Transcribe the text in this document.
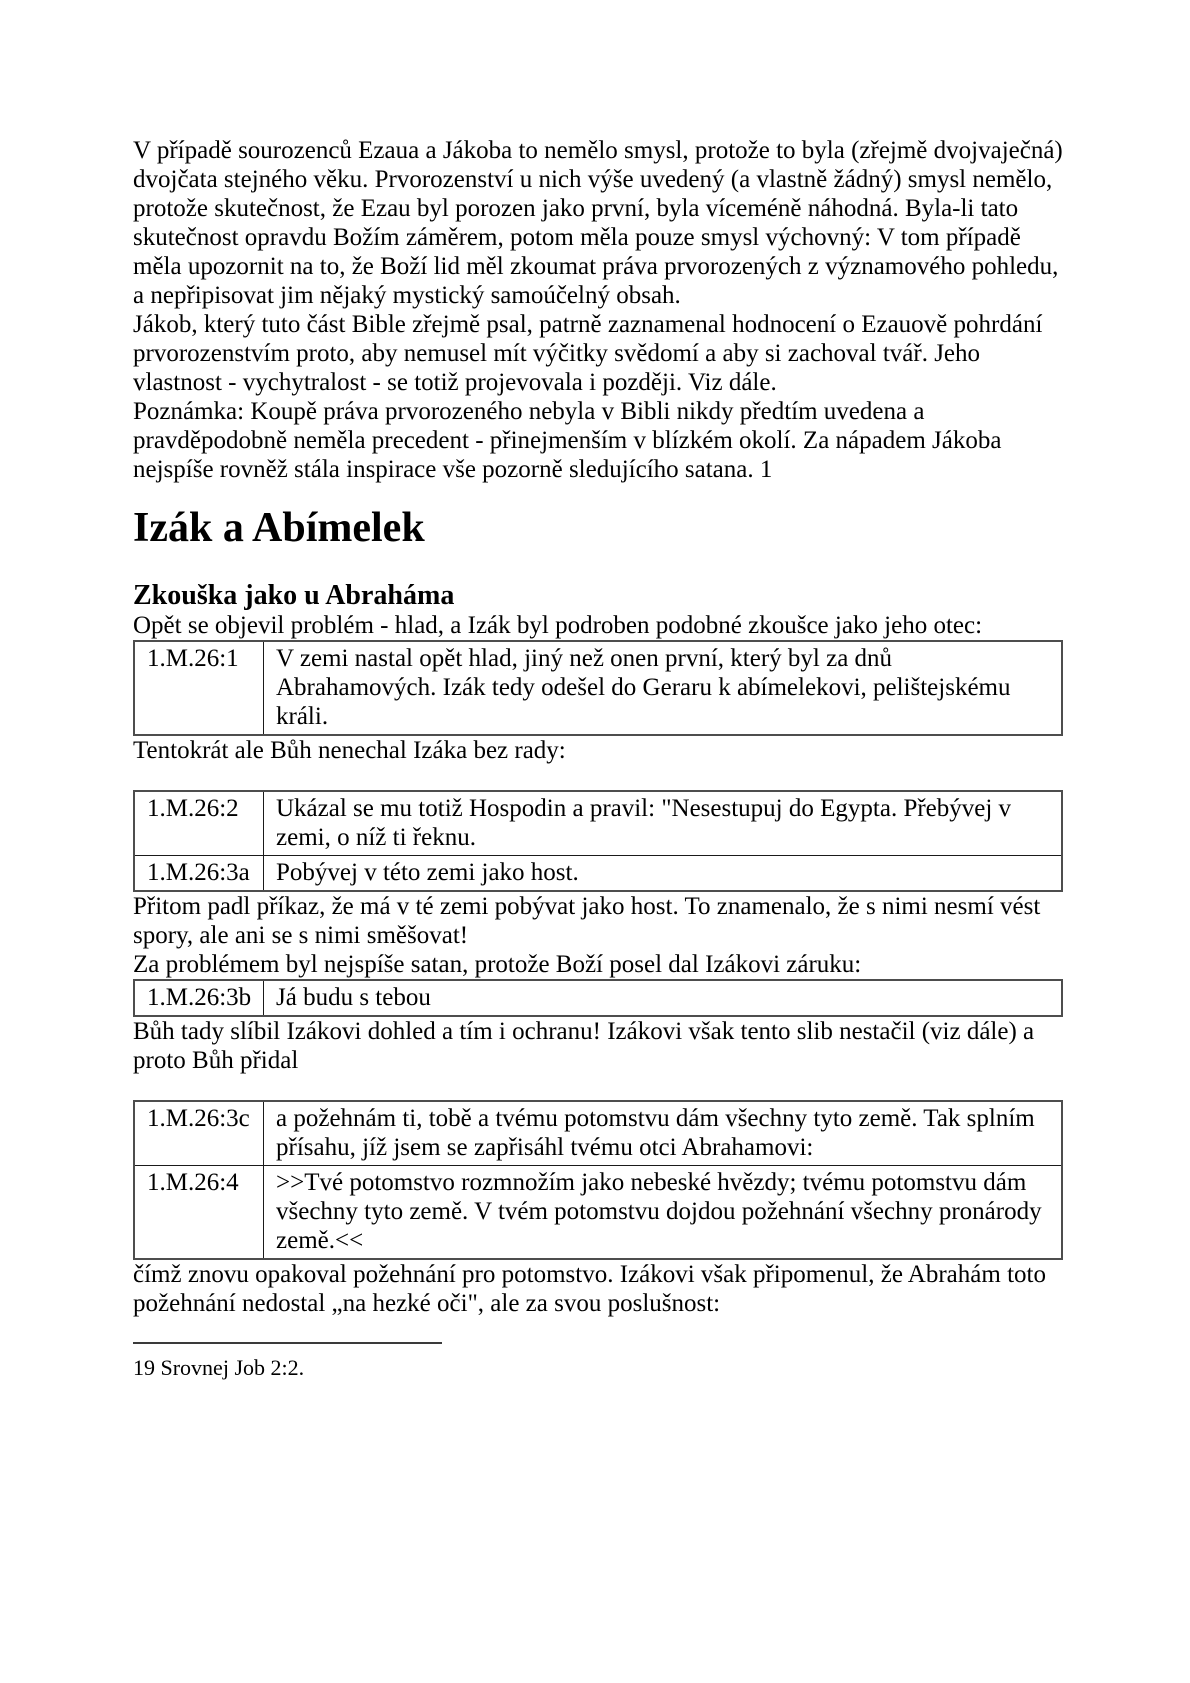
V případě sourozenců Ezaua a Jákoba to nemělo smysl, protože to byla (zřejmě dvojvaječná) dvojčata stejného věku. Prvorozenství u nich výše uvedený (a vlastně žádný) smysl nemělo, protože skutečnost, že Ezau byl porozen jako první, byla víceméně náhodná. Byla-li tato skutečnost opravdu Božím záměrem, potom měla pouze smysl výchovný: V tom případě měla upozornit na to, že Boží lid měl zkoumat práva prvorozených z významového pohledu, a nepřipisovat jim nějaký mystický samoúčelný obsah.

Jákob, který tuto část Bible zřejmě psal, patrně zaznamenal hodnocení o Ezauově pohrdání prvorozenstvím proto, aby nemusel mít výčitky svědomí a aby si zachoval tvář. Jeho vlastnost - vychytralost - se totiž projevovala i později. Viz dále.

Poznámka: Koupě práva prvorozeného nebyla v Bibli nikdy předtím uvedena a pravděpodobně neměla precedent - přinejmenším v blízkém okolí. Za nápadem Jákoba nejspíše rovněž stála inspirace vše pozorně sledujícího satana. 1

Izák a Abímelek
Zkouška jako u Abraháma

Opět se objevil problém - hlad, a Izák byl podroben podobné zkoušce jako jeho otec:

1.M.26:1	V zemi nastal opět hlad, jiný než onen první, který byl za dnů Abrahamových. Izák tedy odešel do Geraru k abímelekovi, pelištejskému králi.

Tentokrát ale Bůh nenechal Izáka bez rady:

1.M.26:2	Ukázal se mu totiž Hospodin a pravil: "Nesestupuj do Egypta. Přebývej v zemi, o níž ti řeknu.
1.M.26:3a	Pobývej v této zemi jako host.

Přitom padl příkaz, že má v té zemi pobývat jako host. To znamenalo, že s nimi nesmí vést spory, ale ani se s nimi směšovat!

Za problémem byl nejspíše satan, protože Boží posel dal Izákovi záruku:

1.M.26:3b	Já budu s tebou

Bůh tady slíbil Izákovi dohled a tím i ochranu! Izákovi však tento slib nestačil (viz dále) a proto Bůh přidal

1.M.26:3c	a požehnám ti, tobě a tvému potomstvu dám všechny tyto země. Tak splním přísahu, jíž jsem se zapřisáhl tvému otci Abrahamovi:
1.M.26:4	>>Tvé potomstvo rozmnožím jako nebeské hvězdy; tvému potomstvu dám všechny tyto země. V tvém potomstvu dojdou požehnání všechny pronárody země.<<

čímž znovu opakoval požehnání pro potomstvo. Izákovi však připomenul, že Abrahám toto požehnání nedostal „na hezké oči", ale za svou poslušnost:

19 Srovnej Job 2:2.
